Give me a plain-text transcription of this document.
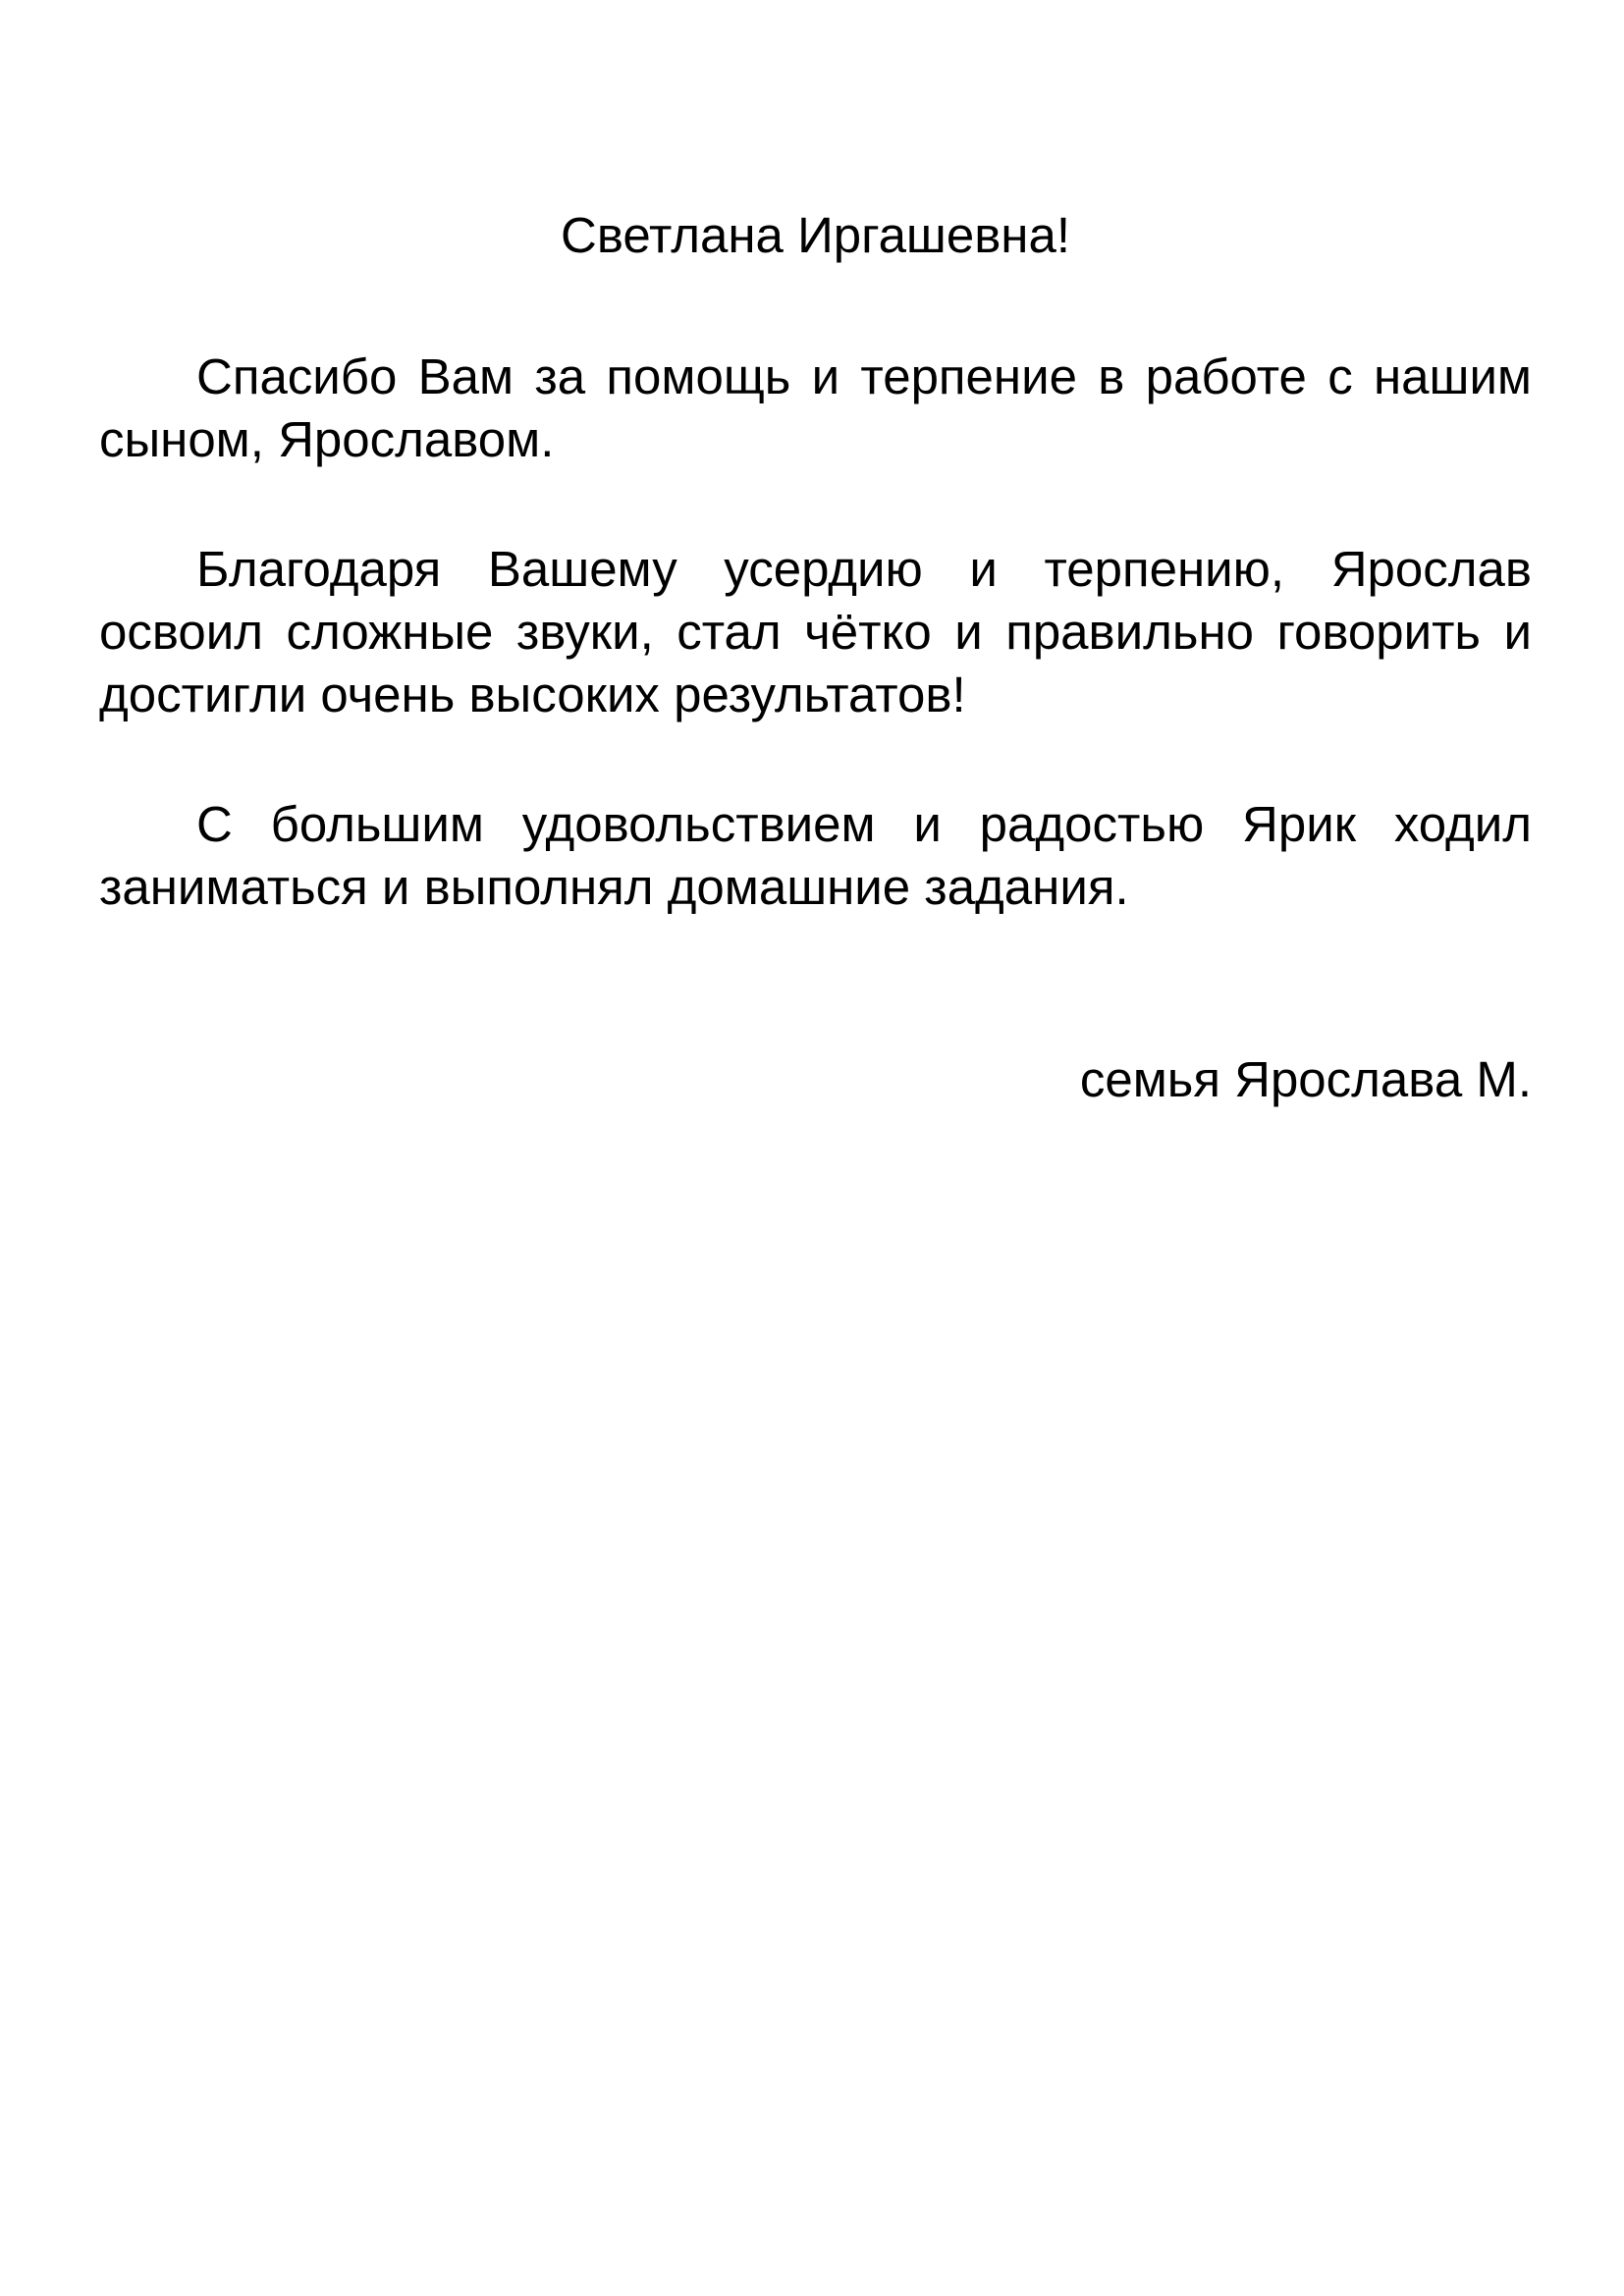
Светлана Иргашевна!

Спасибо Вам за помощь и терпение в работе с нашим сыном, Ярославом.

Благодаря Вашему усердию и терпению, Ярослав освоил сложные звуки, стал чётко и правильно говорить и достигли очень высоких результатов!

С большим удовольствием и радостью Ярик ходил заниматься и выполнял домашние задания.

семья Ярослава М.
